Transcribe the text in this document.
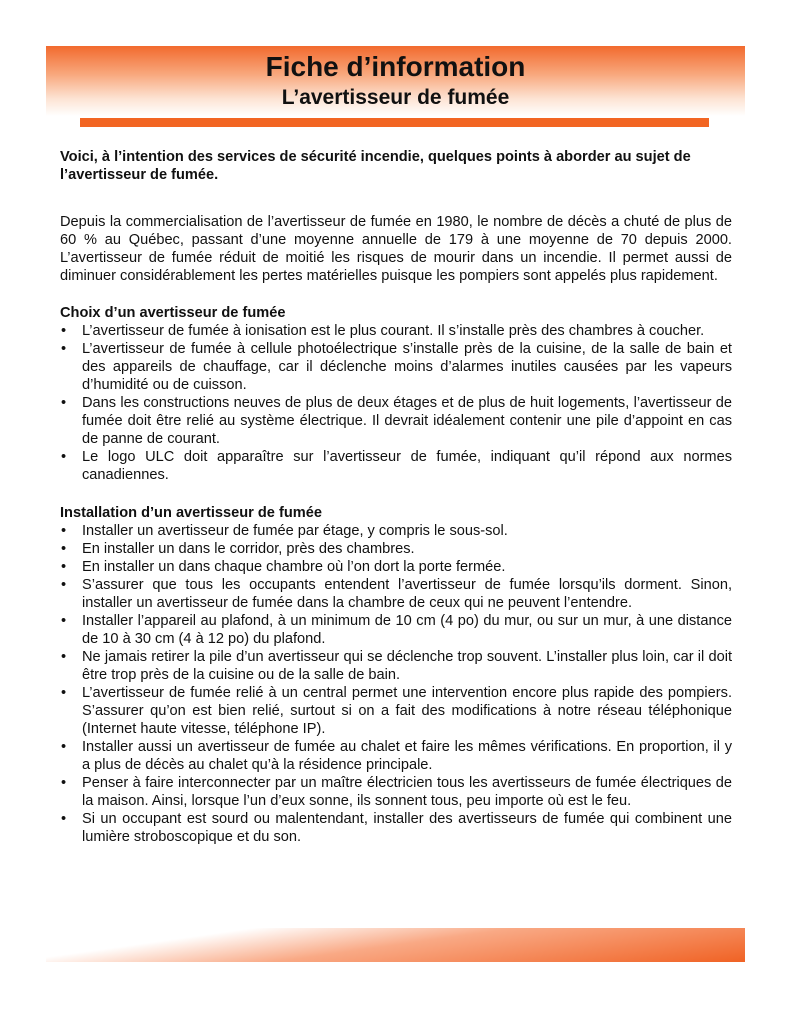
Fiche d’information
L’avertisseur de fumée

Voici, à l’intention des services de sécurité incendie, quelques points à aborder au sujet de l’avertisseur de fumée.

Depuis la commercialisation de l’avertisseur de fumée en 1980, le nombre de décès a chuté de plus de 60 % au Québec, passant d’une moyenne annuelle de 179 à une moyenne de 70 depuis 2000. L’avertisseur de fumée réduit de moitié les risques de mourir dans un incendie. Il permet aussi de diminuer considérablement les pertes matérielles puisque les pompiers sont appelés plus rapidement.

Choix d’un avertisseur de fumée

• L’avertisseur de fumée à ionisation est le plus courant. Il s’installe près des chambres à coucher.
• L’avertisseur de fumée à cellule photoélectrique s’installe près de la cuisine, de la salle de bain et des appareils de chauffage, car il déclenche moins d’alarmes inutiles causées par les vapeurs d’humidité ou de cuisson.
• Dans les constructions neuves de plus de deux étages et de plus de huit logements, l’avertisseur de fumée doit être relié au système électrique. Il devrait idéalement contenir une pile d’appoint en cas de panne de courant.
• Le logo ULC doit apparaître sur l’avertisseur de fumée, indiquant qu’il répond aux normes canadiennes.

Installation d’un avertisseur de fumée

• Installer un avertisseur de fumée par étage, y compris le sous-sol.
• En installer un dans le corridor, près des chambres.
• En installer un dans chaque chambre où l’on dort la porte fermée.
• S’assurer que tous les occupants entendent l’avertisseur de fumée lorsqu’ils dorment. Sinon, installer un avertisseur de fumée dans la chambre de ceux qui ne peuvent l’entendre.
• Installer l’appareil au plafond, à un minimum de 10 cm (4 po) du mur, ou sur un mur, à une distance de 10 à 30 cm (4 à 12 po) du plafond.
• Ne jamais retirer la pile d’un avertisseur qui se déclenche trop souvent. L’installer plus loin, car il doit être trop près de la cuisine ou de la salle de bain.
• L’avertisseur de fumée relié à un central permet une intervention encore plus rapide des pompiers. S’assurer qu’on est bien relié, surtout si on a fait des modifications à notre réseau téléphonique (Internet haute vitesse, téléphone IP).
• Installer aussi un avertisseur de fumée au chalet et faire les mêmes vérifications. En proportion, il y a plus de décès au chalet qu’à la résidence principale.
• Penser à faire interconnecter par un maître électricien tous les avertisseurs de fumée électriques de la maison. Ainsi, lorsque l’un d’eux sonne, ils sonnent tous, peu importe où est le feu.
• Si un occupant est sourd ou malentendant, installer des avertisseurs de fumée qui combinent une lumière stroboscopique et du son.
